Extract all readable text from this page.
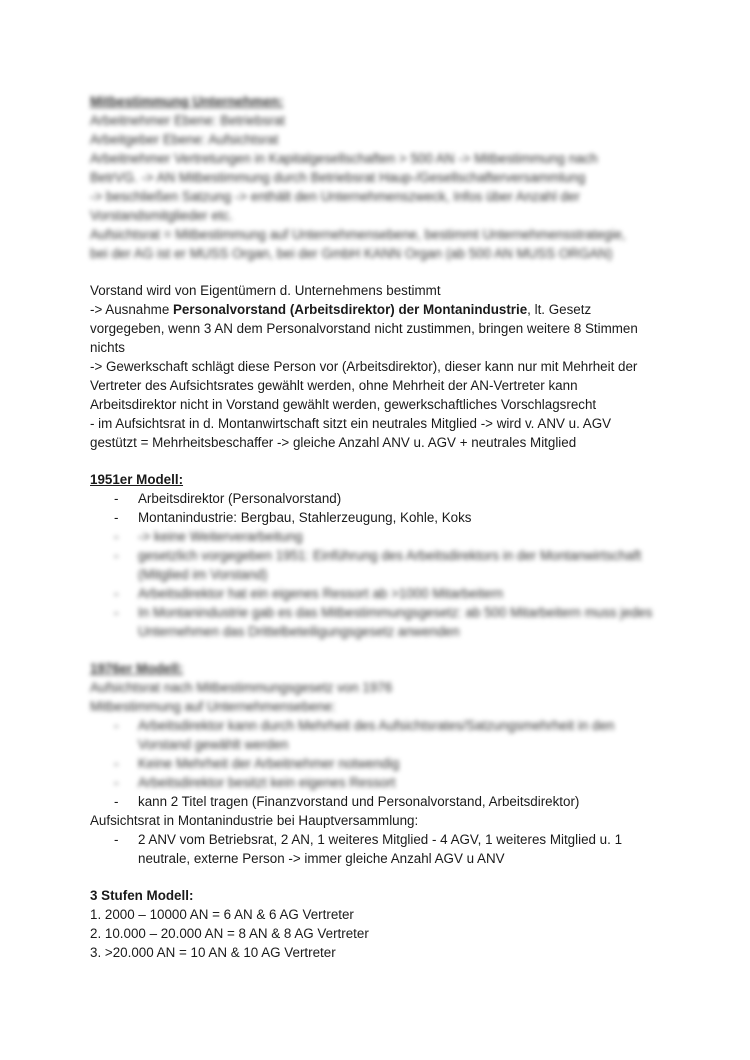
Mitbestimmung Unternehmen:

Arbeitnehmer Ebene: Betriebsrat

Arbeitgeber Ebene: Aufsichtsrat

Arbeitnehmer Vertretungen in Kapitalgesellschaften > 500 AN -> Mitbestimmung nach

BetrVG. -> AN Mitbestimmung durch Betriebsrat Haup-/Gesellschafterversammlung

-> beschließen Satzung -> enthält den Unternehmenszweck, Infos über Anzahl der

Vorstandsmitglieder etc.

Aufsichtsrat = Mitbestimmung auf Unternehmensebene, bestimmt Unternehmensstrategie,

bei der AG ist er MUSS Organ, bei der GmbH KANN Organ (ab 500 AN MUSS ORGAN)

Vorstand wird von Eigentümern d. Unternehmens bestimmt

-> Ausnahme Personalvorstand (Arbeitsdirektor) der Montanindustrie, lt. Gesetz

vorgegeben, wenn 3 AN dem Personalvorstand nicht zustimmen, bringen weitere 8 Stimmen

nichts

-> Gewerkschaft schlägt diese Person vor (Arbeitsdirektor), dieser kann nur mit Mehrheit der

Vertreter des Aufsichtsrates gewählt werden, ohne Mehrheit der AN-Vertreter kann

Arbeitsdirektor nicht in Vorstand gewählt werden, gewerkschaftliches Vorschlagsrecht

- im Aufsichtsrat in d. Montanwirtschaft sitzt ein neutrales Mitglied -> wird v. ANV u. AGV

gestützt = Mehrheitsbeschaffer -> gleiche Anzahl ANV u. AGV + neutrales Mitglied

1951er Modell:

- Arbeitsdirektor (Personalvorstand)
- Montanindustrie: Bergbau, Stahlerzeugung, Kohle, Koks
- -> keine Weiterverarbeitung
- gesetzlich vorgegeben 1951: Einführung des Arbeitsdirektors in der Montanwirtschaft (Mitglied im Vorstand)
- Arbeitsdirektor hat ein eigenes Ressort ab >1000 Mitarbeitern
- In Montanindustrie gab es das Mitbestimmungsgesetz: ab 500 Mitarbeitern muss jedes Unternehmen das Drittelbeteiligungsgesetz anwenden

1976er Modell:

Aufsichtsrat nach Mitbestimmungsgesetz von 1976

Mitbestimmung auf Unternehmensebene:

- Arbeitsdirektor kann durch Mehrheit des Aufsichtsrates/Satzungsmehrheit in den Vorstand gewählt werden
- Keine Mehrheit der Arbeitnehmer notwendig
- Arbeitsdirektor besitzt kein eigenes Ressort
- kann 2 Titel tragen (Finanzvorstand und Personalvorstand, Arbeitsdirektor)

Aufsichtsrat in Montanindustrie bei Hauptversammlung:

- 2 ANV vom Betriebsrat, 2 AN, 1 weiteres Mitglied - 4 AGV, 1 weiteres Mitglied u. 1 neutrale, externe Person -> immer gleiche Anzahl AGV u ANV

3 Stufen Modell:

1. 2000 – 10000 AN = 6 AN & 6 AG Vertreter

2. 10.000 – 20.000 AN = 8 AN & 8 AG Vertreter

3. >20.000 AN = 10 AN & 10 AG Vertreter
